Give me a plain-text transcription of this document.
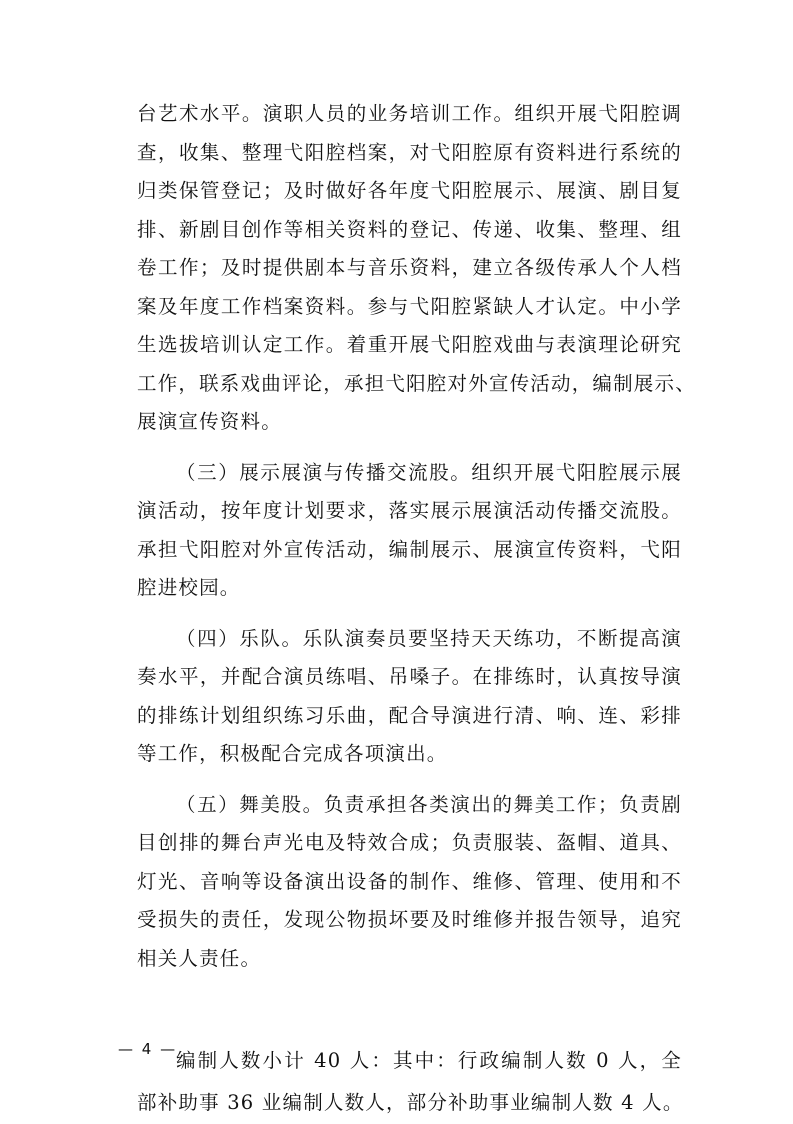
台艺术水平。演职人员的业务培训工作。组织开展弋阳腔调

查，收集、整理弋阳腔档案，对弋阳腔原有资料进行系统的

归类保管登记；及时做好各年度弋阳腔展示、展演、剧目复

排、新剧目创作等相关资料的登记、传递、收集、整理、组

卷工作；及时提供剧本与音乐资料，建立各级传承人个人档

案及年度工作档案资料。参与弋阳腔紧缺人才认定。中小学

生选拔培训认定工作。着重开展弋阳腔戏曲与表演理论研究

工作，联系戏曲评论，承担弋阳腔对外宣传活动，编制展示、

展演宣传资料。

（三）展示展演与传播交流股。组织开展弋阳腔展示展

演活动，按年度计划要求，落实展示展演活动传播交流股。

承担弋阳腔对外宣传活动，编制展示、展演宣传资料，弋阳

腔进校园。

（四）乐队。乐队演奏员要坚持天天练功，不断提高演

奏水平，并配合演员练唱、吊嗓子。在排练时，认真按导演

的排练计划组织练习乐曲，配合导演进行清、响、连、彩排

等工作，积极配合完成各项演出。

（五）舞美股。负责承担各类演出的舞美工作；负责剧

目创排的舞台声光电及特效合成；负责服装、盔帽、道具、

灯光、音响等设备演出设备的制作、维修、管理、使用和不

受损失的责任，发现公物损坏要及时维修并报告领导，追究

相关人责任。

编制人数小计 40 人：其中：行政编制人数 0 人，全

部补助事 36 业编制人数人，部分补助事业编制人数 4 人。

— 4 —
